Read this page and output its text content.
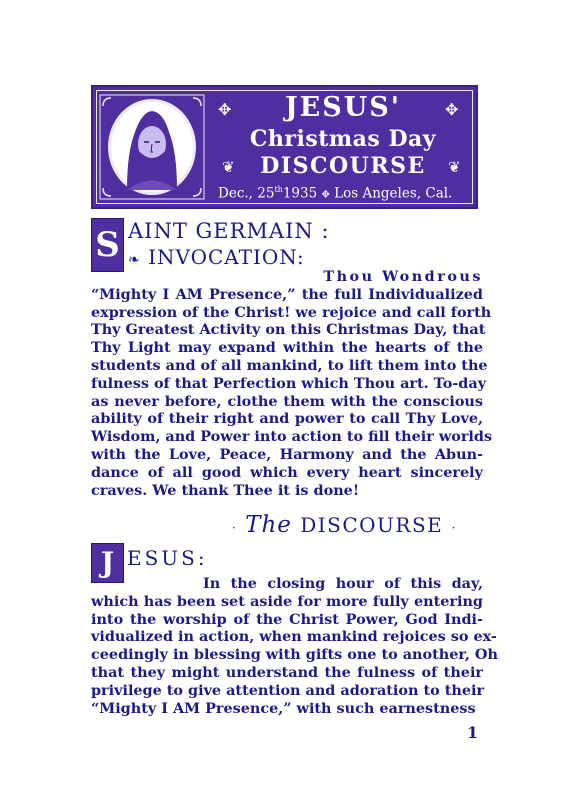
✥	✥
❦	❦
JESUS'
Christmas Day
DISCOURSE
Dec., 25th1935 ✥ Los Angeles, Cal.
S AINT GERMAIN :
❧ INVOCATION:
Thou Wondrous
“Mighty I AM Presence,” the full Individualized
expression of the Christ! we rejoice and call forth
Thy Greatest Activity on this Christmas Day, that
Thy Light may expand within the hearts of the
students and of all mankind, to lift them into the
fulness of that Perfection which Thou art. To-day
as never before, clothe them with the conscious
ability of their right and power to call Thy Love,
Wisdom, and Power into action to fill their worlds
with the Love, Peace, Harmony and the Abun-
dance of all good which every heart sincerely
craves. We thank Thee it is done!
· The DISCOURSE ·
J ESUS:
In the closing hour of this day,
which has been set aside for more fully entering
into the worship of the Christ Power, God Indi-
vidualized in action, when mankind rejoices so ex-
ceedingly in blessing with gifts one to another, Oh
that they might understand the fulness of their
privilege to give attention and adoration to their
“Mighty I AM Presence,” with such earnestness
1
